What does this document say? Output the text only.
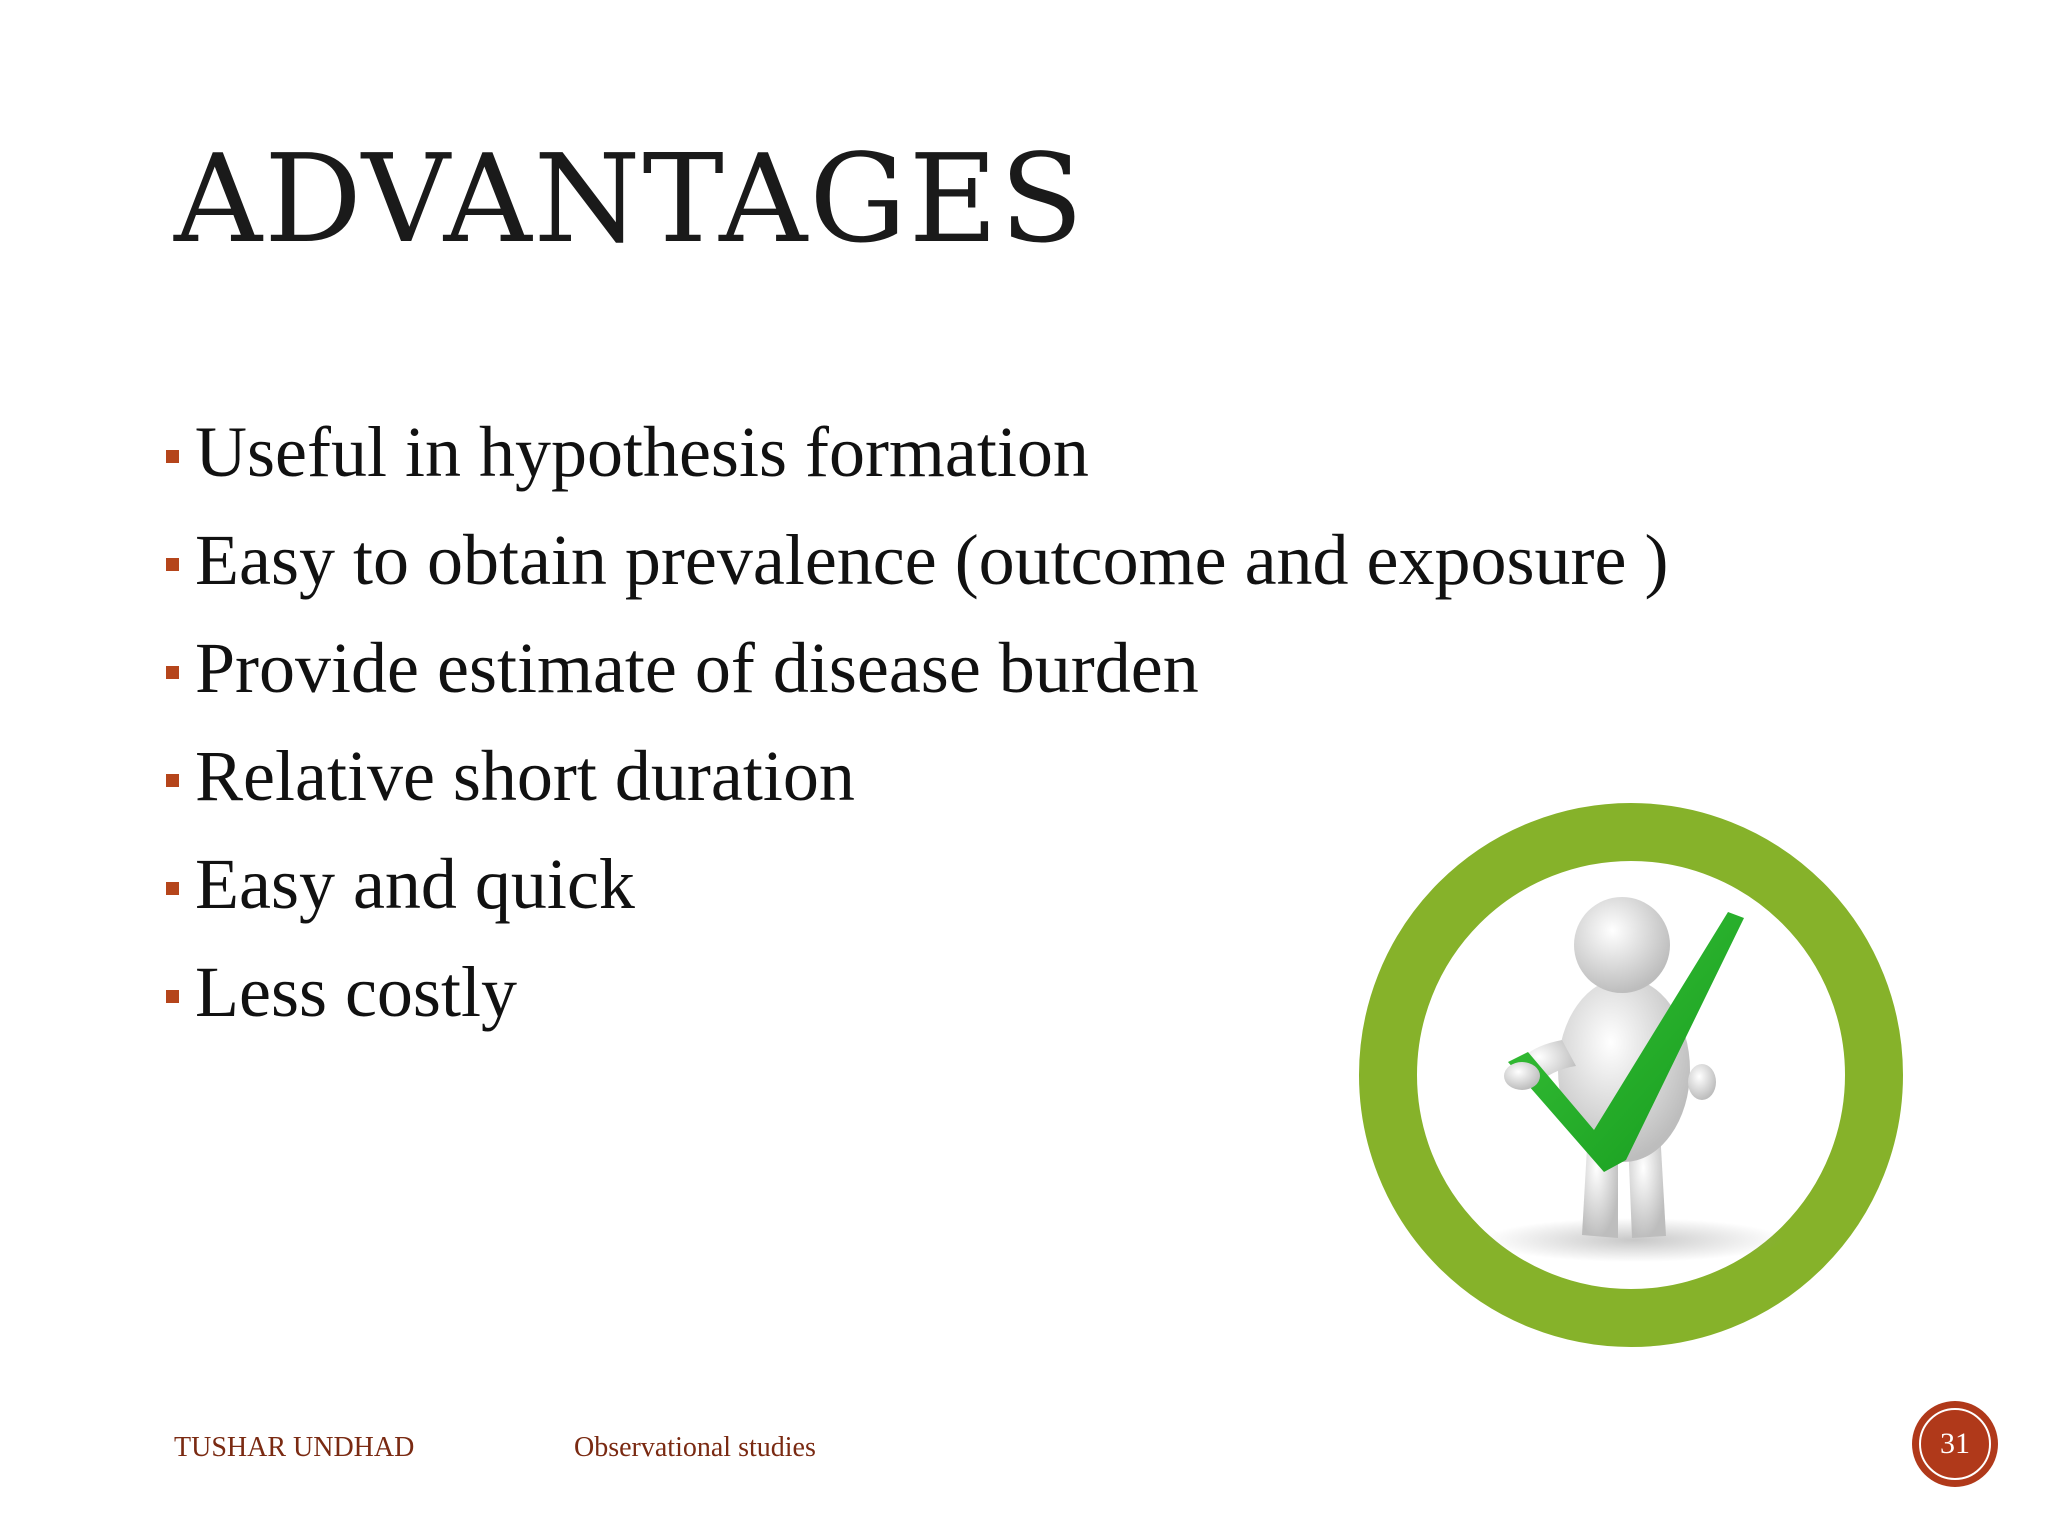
ADVANTAGES
Useful in hypothesis formation
Easy to obtain prevalence (outcome and exposure )
Provide estimate of disease burden
Relative short duration
Easy and quick
Less costly
TUSHAR UNDHAD	Observational studies	31
